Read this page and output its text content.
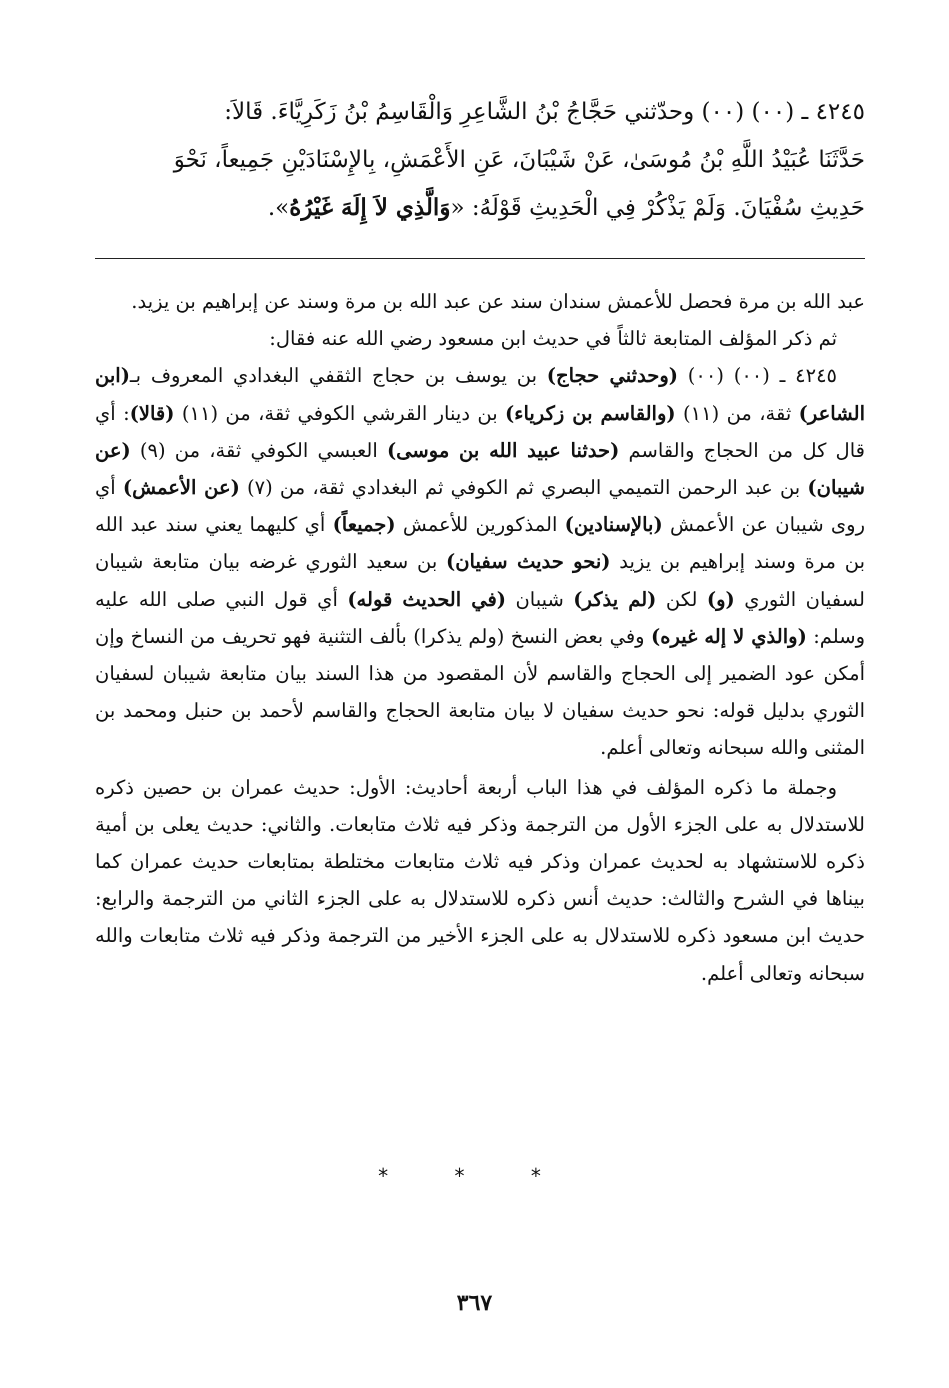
٤٢٤٥ ـ (٠٠) (٠٠) وحدّثني حَجَّاجُ بْنُ الشَّاعِرِ وَالْقَاسِمُ بْنُ زَكَرِيَّاءَ. قَالاَ:

حَدَّثَنَا عُبَيْدُ اللَّهِ بْنُ مُوسَىٰ، عَنْ شَيْبَانَ، عَنِ الأَعْمَشِ، بِالإِسْنَادَيْنِ جَمِيعاً، نَحْوَ

حَدِيثِ سُفْيَانَ. وَلَمْ يَذْكُرْ فِي الْحَدِيثِ قَوْلَهُ: «وَالَّذِي لاَ إِلَهَ غَيْرُهُ».

عبد الله بن مرة فحصل للأعمش سندان سند عن عبد الله بن مرة وسند عن إبراهيم بن يزيد.

ثم ذكر المؤلف المتابعة ثالثاً في حديث ابن مسعود رضي الله عنه فقال:

٤٢٤٥ ـ (٠٠) (٠٠) (وحدثني حجاج) بن يوسف بن حجاج الثقفي البغدادي المعروف بـ(ابن الشاعر) ثقة، من (١١) (والقاسم بن زكرياء) بن دينار القرشي الكوفي ثقة، من (١١) (قالا): أي قال كل من الحجاج والقاسم (حدثنا عبيد الله بن موسى) العبسي الكوفي ثقة، من (٩) (عن شيبان) بن عبد الرحمن التميمي البصري ثم الكوفي ثم البغدادي ثقة، من (٧) (عن الأعمش) أي روى شيبان عن الأعمش (بالإسنادين) المذكورين للأعمش (جميعاً) أي كليهما يعني سند عبد الله بن مرة وسند إبراهيم بن يزيد (نحو حديث سفيان) بن سعيد الثوري غرضه بيان متابعة شيبان لسفيان الثوري (و) لكن (لم يذكر) شيبان (في الحديث قوله) أي قول النبي صلى الله عليه وسلم: (والذي لا إله غيره) وفي بعض النسخ (ولم يذكرا) بألف التثنية فهو تحريف من النساخ وإن أمكن عود الضمير إلى الحجاج والقاسم لأن المقصود من هذا السند بيان متابعة شيبان لسفيان الثوري بدليل قوله: نحو حديث سفيان لا بيان متابعة الحجاج والقاسم لأحمد بن حنبل ومحمد بن المثنى والله سبحانه وتعالى أعلم.

وجملة ما ذكره المؤلف في هذا الباب أربعة أحاديث: الأول: حديث عمران بن حصين ذكره للاستدلال به على الجزء الأول من الترجمة وذكر فيه ثلاث متابعات. والثاني: حديث يعلى بن أمية ذكره للاستشهاد به لحديث عمران وذكر فيه ثلاث متابعات مختلطة بمتابعات حديث عمران كما بيناها في الشرح والثالث: حديث أنس ذكره للاستدلال به على الجزء الثاني من الترجمة والرابع: حديث ابن مسعود ذكره للاستدلال به على الجزء الأخير من الترجمة وذكر فيه ثلاث متابعات والله سبحانه وتعالى أعلم.

* * *
٣٦٧
